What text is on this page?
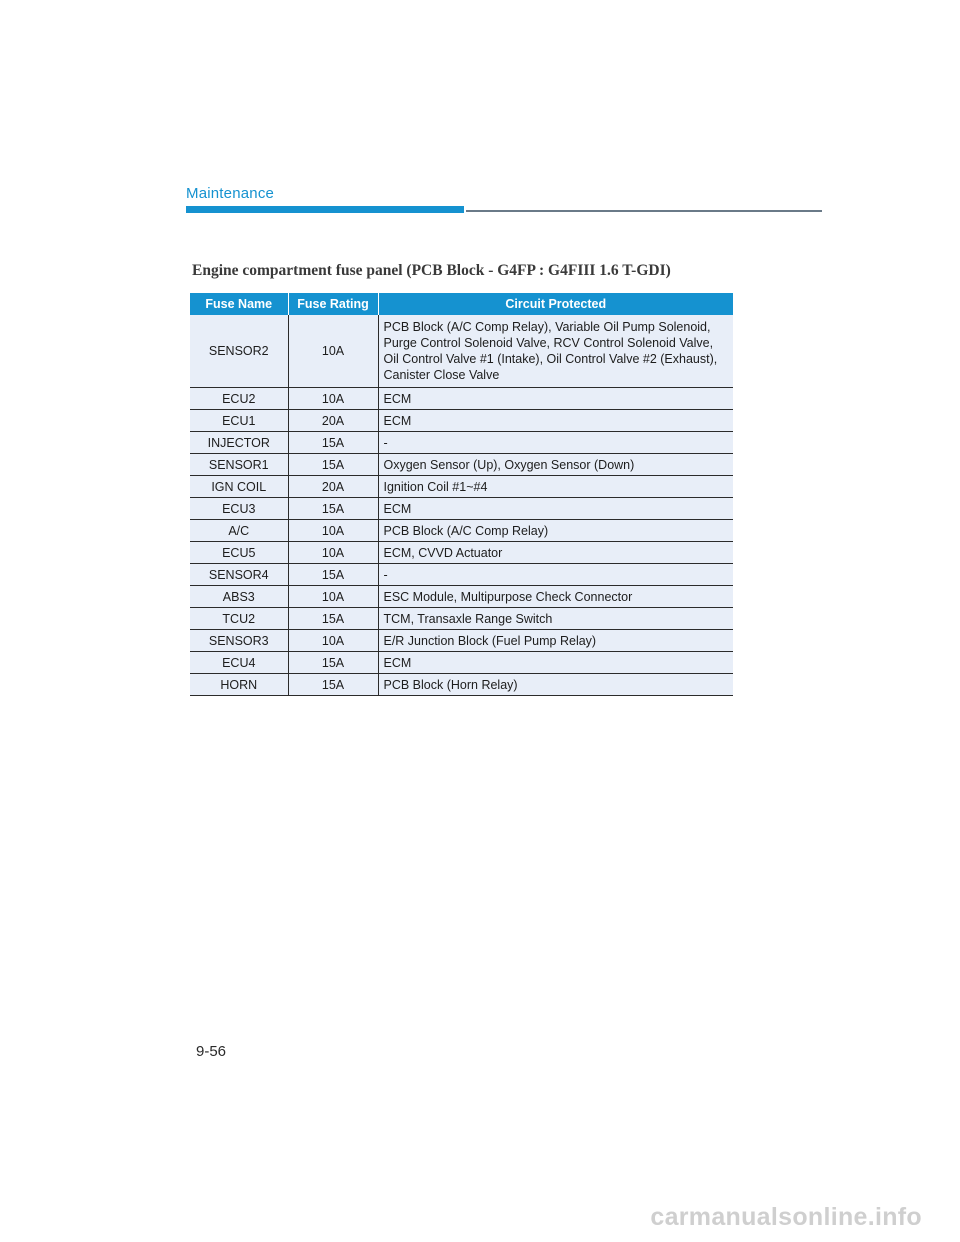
Maintenance
Engine compartment fuse panel (PCB Block - G4FP : G4FIII 1.6 T-GDI)
Fuse Name	Fuse Rating	Circuit Protected
SENSOR2	10A	PCB Block (A/C Comp Relay), Variable Oil Pump Solenoid, Purge Control Solenoid Valve, RCV Control Solenoid Valve, Oil Control Valve #1 (Intake), Oil Control Valve #2 (Exhaust), Canister Close Valve
ECU2	10A	ECM
ECU1	20A	ECM
INJECTOR	15A	-
SENSOR1	15A	Oxygen Sensor (Up), Oxygen Sensor (Down)
IGN COIL	20A	Ignition Coil #1~#4
ECU3	15A	ECM
A/C	10A	PCB Block (A/C Comp Relay)
ECU5	10A	ECM, CVVD Actuator
SENSOR4	15A	-
ABS3	10A	ESC Module, Multipurpose Check Connector
TCU2	15A	TCM, Transaxle Range Switch
SENSOR3	10A	E/R Junction Block (Fuel Pump Relay)
ECU4	15A	ECM
HORN	15A	PCB Block (Horn Relay)
9-56
carmanualsonline.info
